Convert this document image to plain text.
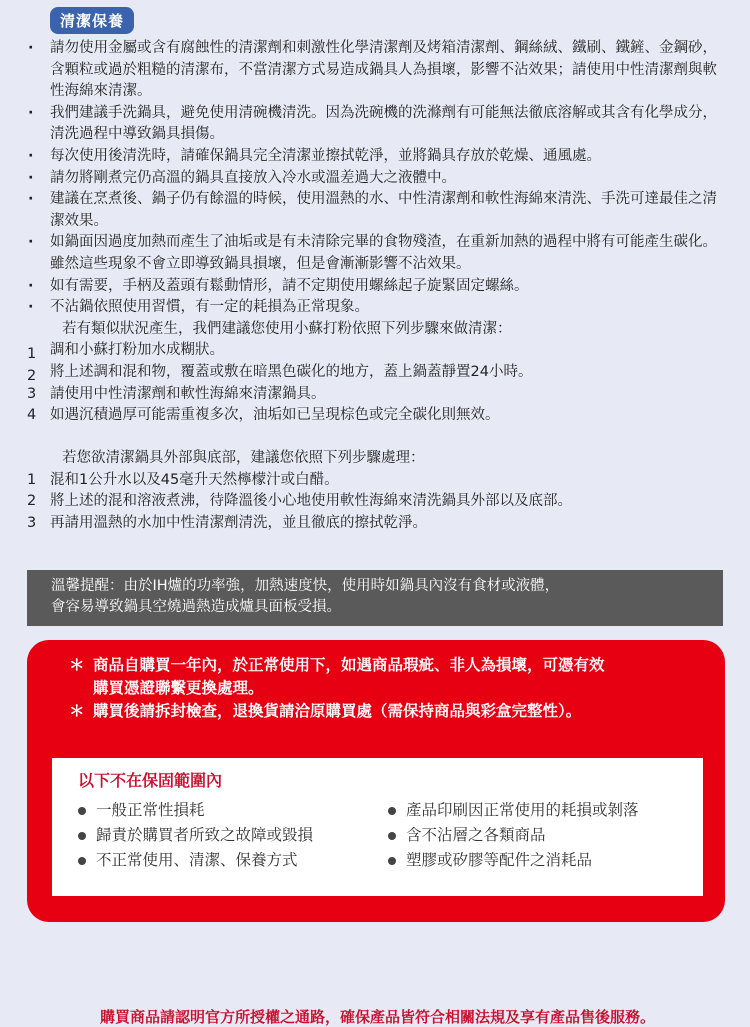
清潔保養
· 請勿使用金屬或含有腐蝕性的清潔劑和刺激性化學清潔劑及烤箱清潔劑、鋼絲絨、鐵刷、鐵鏟、金鋼砂，含顆粒或過於粗糙的清潔布，不當清潔方式易造成鍋具人為損壞，影響不沾效果；請使用中性清潔劑與軟性海綿來清潔。
· 我們建議手洗鍋具，避免使用清碗機清洗。因為洗碗機的洗滌劑有可能無法徹底溶解或其含有化學成分，清洗過程中導致鍋具損傷。
· 每次使用後清洗時，請確保鍋具完全清潔並擦拭乾淨，並將鍋具存放於乾燥、通風處。
· 請勿將剛煮完仍高溫的鍋具直接放入冷水或溫差過大之液體中。
· 建議在烹煮後、鍋子仍有餘溫的時候，使用溫熱的水、中性清潔劑和軟性海綿來清洗、手洗可達最佳之清潔效果。
· 如鍋面因過度加熱而產生了油垢或是有未清除完畢的食物殘渣，在重新加熱的過程中將有可能產生碳化。雖然這些現象不會立即導致鍋具損壞，但是會漸漸影響不沾效果。
· 如有需要，手柄及蓋頭有鬆動情形，請不定期使用螺絲起子旋緊固定螺絲。
· 不沾鍋依照使用習慣，有一定的耗損為正常現象。
若有類似狀況產生，我們建議您使用小蘇打粉依照下列步驟來做清潔：
1 調和小蘇打粉加水成糊狀。
2 將上述調和混和物，覆蓋或敷在暗黑色碳化的地方，蓋上鍋蓋靜置24小時。
3 請使用中性清潔劑和軟性海綿來清潔鍋具。
4 如遇沉積過厚可能需重複多次，油垢如已呈現棕色或完全碳化則無效。
若您欲清潔鍋具外部與底部，建議您依照下列步驟處理：
1 混和1公升水以及45毫升天然檸檬汁或白醋。
2 將上述的混和溶液煮沸，待降溫後小心地使用軟性海綿來清洗鍋具外部以及底部。
3 再請用溫熱的水加中性清潔劑清洗，並且徹底的擦拭乾淨。
溫馨提醒：由於IH爐的功率強，加熱速度快，使用時如鍋具內沒有食材或液體，
會容易導致鍋具空燒過熱造成爐具面板受損。
＊ 商品自購買一年內，於正常使用下，如遇商品瑕疵、非人為損壞，可憑有效
購買憑證聯繫更換處理。
＊ 購買後請拆封檢查，退換貨請洽原購買處（需保持商品與彩盒完整性）。
以下不在保固範圍內
一般正常性損耗
歸責於購買者所致之故障或毀損
不正常使用、清潔、保養方式
產品印刷因正常使用的耗損或剝落
含不沾層之各類商品
塑膠或矽膠等配件之消耗品
購買商品請認明官方所授權之通路，確保產品皆符合相關法規及享有產品售後服務。
